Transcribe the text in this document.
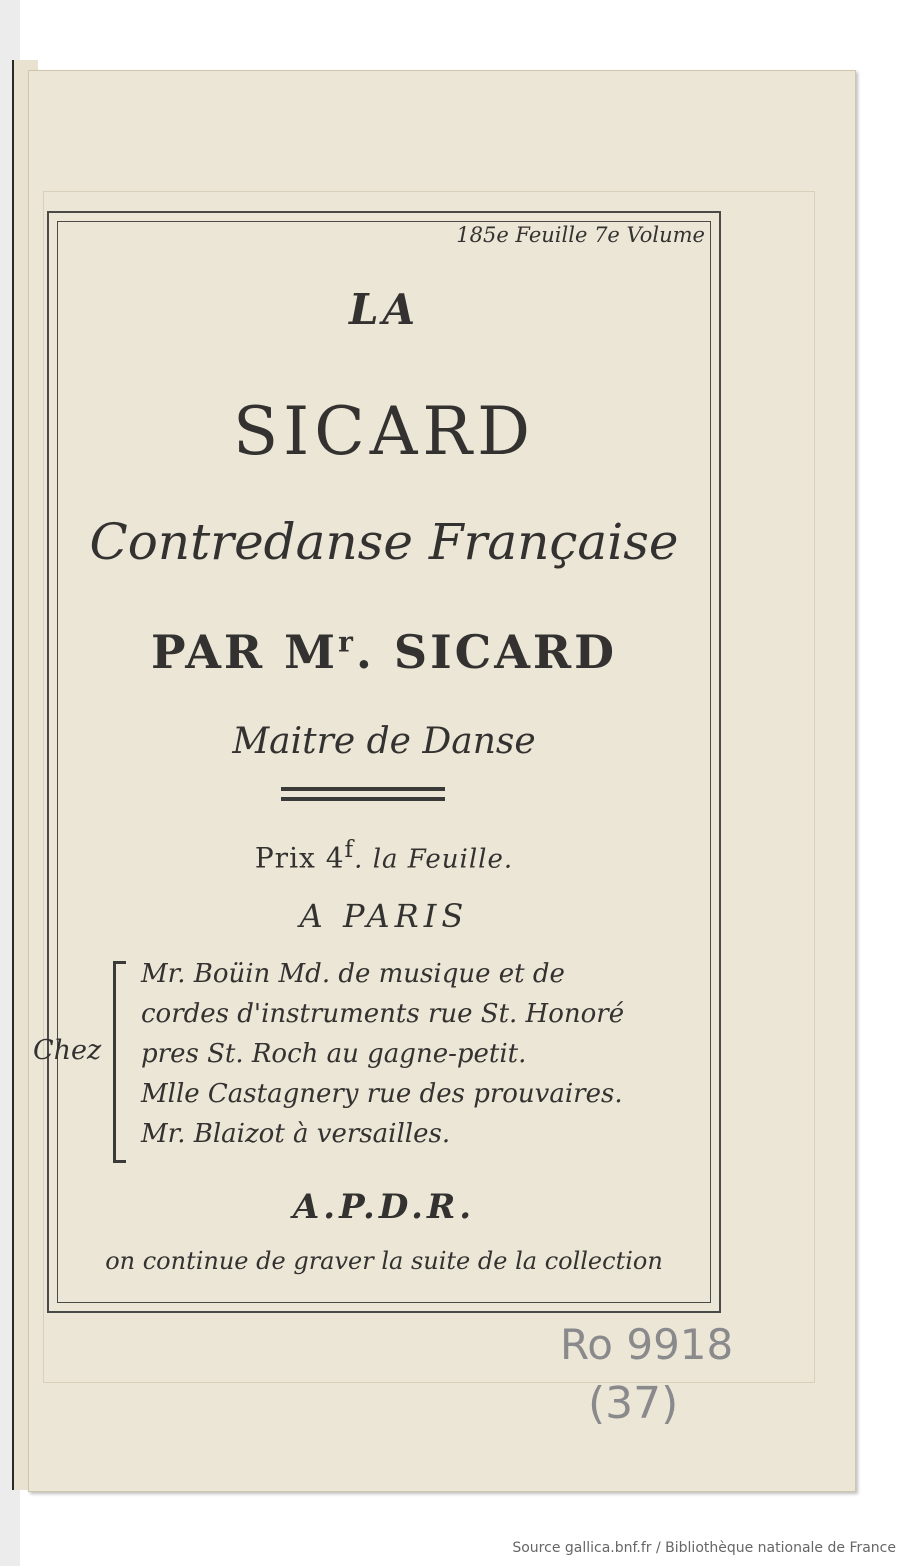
185e Feuille 7e Volume
LA
SICARD
Contredanse Française
PAR $M^r$. SICARD
Maitre de Danse
Prix 4$^f$. la Feuille.
A PARIS
Chez
Mr. Boüin Md. de musique et de
cordes d'instruments rue St. Honoré
pres St. Roch au gagne-petit.
Mlle Castagnery rue des prouvaires.
Mr. Blaizot à versailles.
A.P.D.R.
on continue de graver la suite de la collection
Ro 9918
(37)
Source gallica.bnf.fr / Bibliothèque nationale de France
